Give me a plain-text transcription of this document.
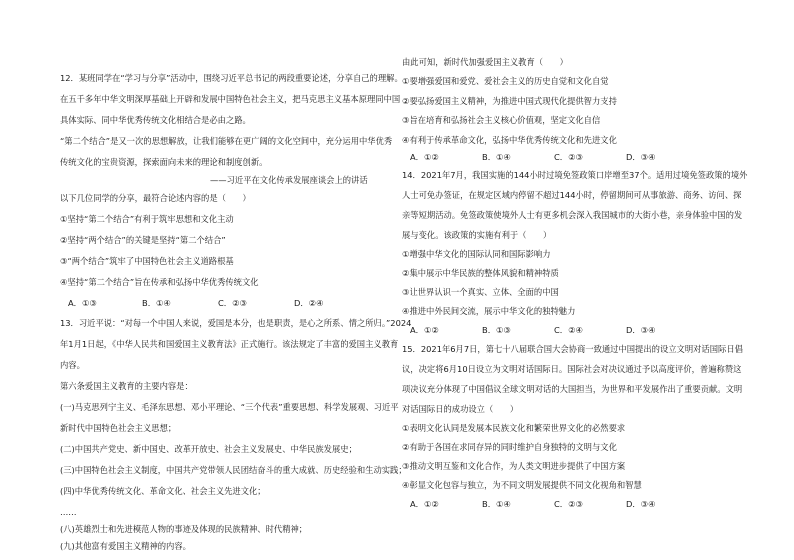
12．某班同学在“学习与分享”活动中，围绕习近平总书记的两段重要论述，分享自己的理解。
在五千多年中华文明深厚基础上开辟和发展中国特色社会主义，把马克思主义基本原理同中国
具体实际、同中华优秀传统文化相结合是必由之路。
“第二个结合”是又一次的思想解放，让我们能够在更广阔的文化空间中，充分运用中华优秀
传统文化的宝贵资源，探索面向未来的理论和制度创新。
——习近平在文化传承发展座谈会上的讲话
以下几位同学的分享，最符合论述内容的是（　　）
①坚持“第二个结合”有利于筑牢思想和文化主动
②坚持“两个结合”的关键是坚持“第二个结合”
③“两个结合”筑牢了中国特色社会主义道路根基
④坚持“第二个结合”旨在传承和弘扬中华优秀传统文化
A．①③	B．①④	C．②③	D．②④
13．习近平说：“对每一个中国人来说，爱国是本分，也是职责，是心之所系、情之所归。”2024
年1月1日起，《中华人民共和国爱国主义教育法》正式施行。该法规定了丰富的爱国主义教育
内容。
第六条爱国主义教育的主要内容是：
(一)马克思列宁主义、毛泽东思想、邓小平理论、“三个代表”重要思想、科学发展观、习近平
新时代中国特色社会主义思想；
(二)中国共产党史、新中国史、改革开放史、社会主义发展史、中华民族发展史；
(三)中国特色社会主义制度，中国共产党带领人民团结奋斗的重大成就、历史经验和生动实践；
(四)中华优秀传统文化、革命文化、社会主义先进文化；
……
(八)英雄烈士和先进模范人物的事迹及体现的民族精神、时代精神；
(九)其他富有爱国主义精神的内容。
由此可知，新时代加强爱国主义教育（　　）
①要增强爱国和爱党、爱社会主义的历史自觉和文化自觉
②要弘扬爱国主义精神，为推进中国式现代化提供智力支持
③旨在培育和弘扬社会主义核心价值观，坚定文化自信
④有利于传承革命文化，弘扬中华优秀传统文化和先进文化
A．①②	B．①④	C．②③	D．③④
14．2021年7月，我国实施的144小时过境免签政策口岸增至37个。适用过境免签政策的境外
人士可免办签证，在规定区域内停留不超过144小时，停留期间可从事旅游、商务、访问、探
亲等短期活动。免签政策使境外人士有更多机会深入我国城市的大街小巷，亲身体验中国的发
展与变化。该政策的实施有利于（　　）
①增强中华文化的国际认同和国际影响力
②集中展示中华民族的整体风貌和精神特质
③让世界认识一个真实、立体、全面的中国
④推进中外民间交流，展示中华文化的独特魅力
A．①②	B．①③	C．②④	D．③④
15．2021年6月7日，第七十八届联合国大会协商一致通过中国提出的设立文明对话国际日倡
议，决定将6月10日设立为文明对话国际日。国际社会对决议通过予以高度评价，普遍称赞这
项决议充分体现了中国倡议全球文明对话的大国担当，为世界和平发展作出了重要贡献。文明
对话国际日的成功设立（　　）
①表明文化认同是发展本民族文化和繁荣世界文化的必然要求
②有助于各国在求同存异的同时维护自身独特的文明与文化
③推动文明互鉴和文化合作，为人类文明进步提供了中国方案
④彰显文化包容与独立，为不同文明发展提供不同文化视角和智慧
A．①②	B．①④	C．②③	D．③④
